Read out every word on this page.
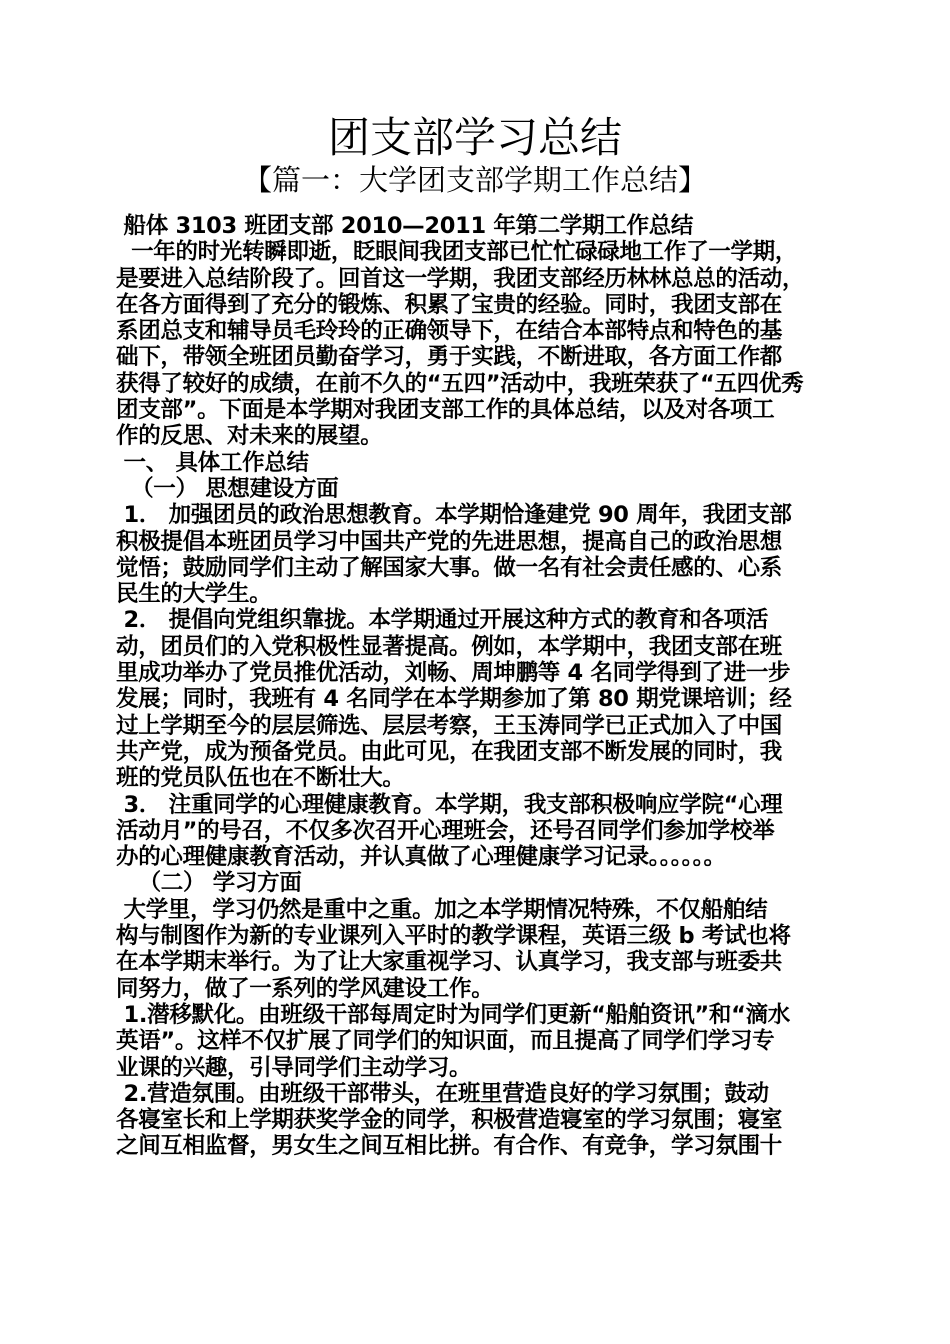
团支部学习总结
【篇一：大学团支部学期工作总结】

船体 3103 班团支部 2010—2011 年第二学期工作总结

一年的时光转瞬即逝，眨眼间我团支部已忙忙碌碌地工作了一学期，

是要进入总结阶段了。回首这一学期，我团支部经历林林总总的活动，

在各方面得到了充分的锻炼、积累了宝贵的经验。同时，我团支部在

系团总支和辅导员毛玲玲的正确领导下，在结合本部特点和特色的基

础下，带领全班团员勤奋学习，勇于实践，不断进取，各方面工作都

获得了较好的成绩，在前不久的“五四”活动中，我班荣获了“五四优秀

团支部”。下面是本学期对我团支部工作的具体总结，以及对各项工

作的反思、对未来的展望。

一、 具体工作总结

（一） 思想建设方面

1． 加强团员的政治思想教育。本学期恰逢建党 90 周年，我团支部

积极提倡本班团员学习中国共产党的先进思想，提高自己的政治思想

觉悟；鼓励同学们主动了解国家大事。做一名有社会责任感的、心系

民生的大学生。

2． 提倡向党组织靠拢。本学期通过开展这种方式的教育和各项活

动，团员们的入党积极性显著提高。例如，本学期中，我团支部在班

里成功举办了党员推优活动，刘畅、周坤鹏等 4 名同学得到了进一步

发展；同时，我班有 4 名同学在本学期参加了第 80 期党课培训；经

过上学期至今的层层筛选、层层考察，王玉涛同学已正式加入了中国

共产党，成为预备党员。由此可见，在我团支部不断发展的同时，我

班的党员队伍也在不断壮大。

3． 注重同学的心理健康教育。本学期，我支部积极响应学院“心理

活动月”的号召，不仅多次召开心理班会，还号召同学们参加学校举

办的心理健康教育活动，并认真做了心理健康学习记录。。。。。。

（二） 学习方面

大学里，学习仍然是重中之重。加之本学期情况特殊，不仅船舶结

构与制图作为新的专业课列入平时的教学课程，英语三级 b 考试也将

在本学期末举行。为了让大家重视学习、认真学习，我支部与班委共

同努力，做了一系列的学风建设工作。

1.潜移默化。由班级干部每周定时为同学们更新“船舶资讯”和“滴水

英语”。这样不仅扩展了同学们的知识面，而且提高了同学们学习专

业课的兴趣，引导同学们主动学习。

2.营造氛围。由班级干部带头，在班里营造良好的学习氛围；鼓动

各寝室长和上学期获奖学金的同学，积极营造寝室的学习氛围；寝室

之间互相监督，男女生之间互相比拼。有合作、有竞争，学习氛围十
